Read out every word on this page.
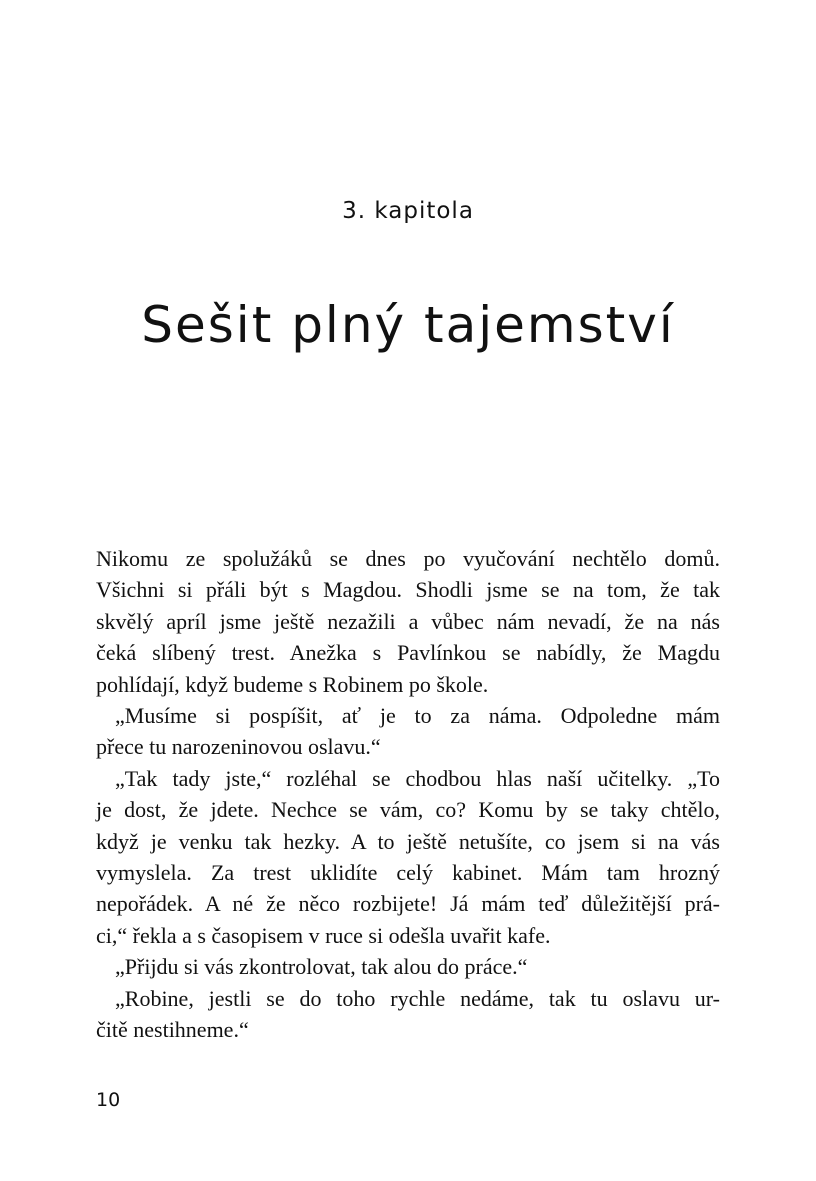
3. kapitola
Sešit plný tajemství

Nikomu ze spolužáků se dnes po vyučování nechtělo domů.
Všichni si přáli být s Magdou. Shodli jsme se na tom, že tak
skvělý apríl jsme ještě nezažili a vůbec nám nevadí, že na nás
čeká slíbený trest. Anežka s Pavlínkou se nabídly, že Magdu
pohlídají, když budeme s Robinem po škole.

„Musíme si pospíšit, ať je to za náma. Odpoledne mám
přece tu narozeninovou oslavu.“

„Tak tady jste,“ rozléhal se chodbou hlas naší učitelky. „To
je dost, že jdete. Nechce se vám, co? Komu by se taky chtělo,
když je venku tak hezky. A to ještě netušíte, co jsem si na vás
vymyslela. Za trest uklidíte celý kabinet. Mám tam hrozný
nepořádek. A né že něco rozbijete! Já mám teď důležitější prá-
ci,“ řekla a s časopisem v ruce si odešla uvařit kafe.

„Přijdu si vás zkontrolovat, tak alou do práce.“

„Robine, jestli se do toho rychle nedáme, tak tu oslavu ur-
čitě nestihneme.“

10
